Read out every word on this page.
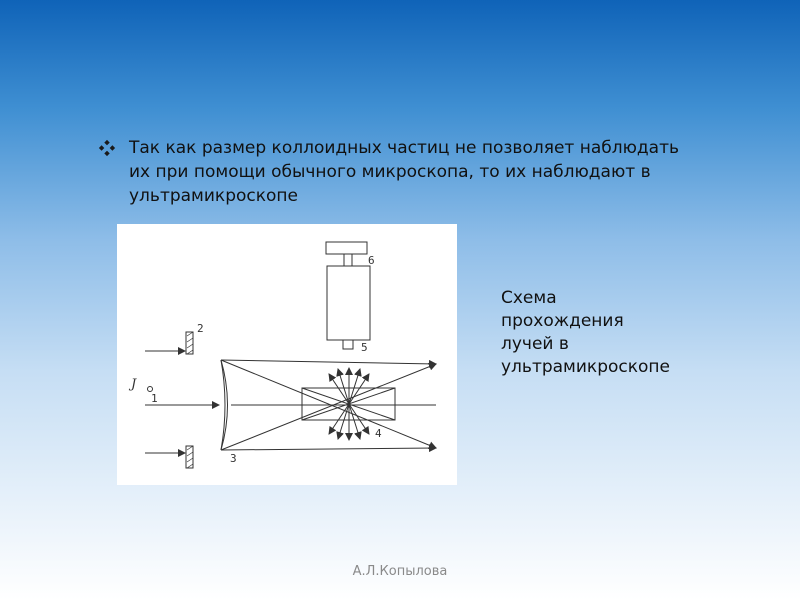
Так как размер коллоидных частиц не позволяет наблюдать их при помощи обычного микроскопа, то их наблюдают в ультрамикроскопе
2
1
3
4
5
6
J
Схема
прохождения
лучей в
ультрамикроскопе
А.Л.Копылова
